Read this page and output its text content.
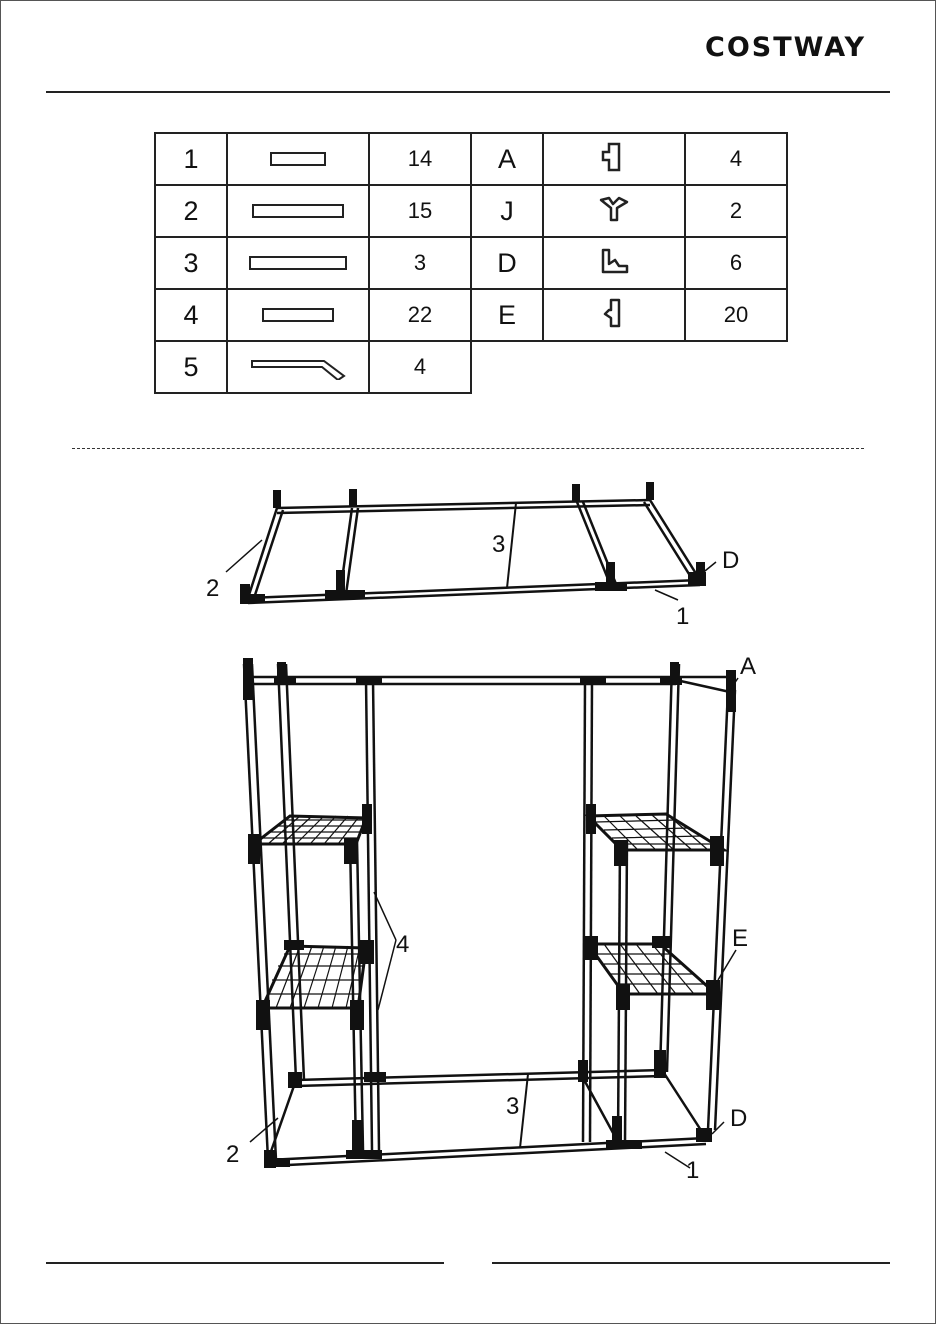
COSTWAY
1		14	A		4
2		15	J		2
3		3	D		6
4		22	E		20
5		4			
2
3
D
1
A
4	E
2
3	D
1
